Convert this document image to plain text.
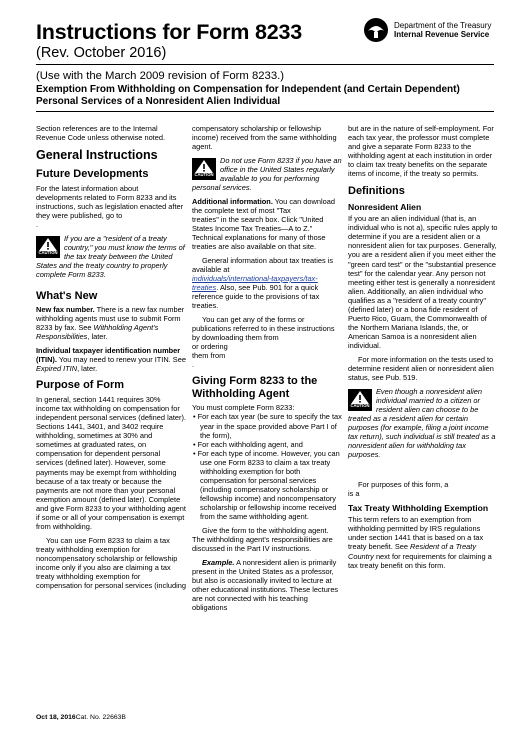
Instructions for Form 8233
(Rev. October 2016)
Department of the Treasury
Internal Revenue Service
(Use with the March 2009 revision of Form 8233.)
Exemption From Withholding on Compensation for Independent (and Certain Dependent) Personal Services of a Nonresident Alien Individual

Section references are to the Internal Revenue Code unless otherwise noted.

General Instructions
Future Developments

For the latest information about developments related to Form 8233 and its instructions, such as legislation enacted after they were published, go to
.

CAUTION

If you are a "resident of a treaty country," you must know the terms of the tax treaty between the United States and the treaty country to properly complete Form 8233.

What's New

New fax number. There is a new fax number withholding agents must use to submit Form 8233 by fax. See Withholding Agent's Responsibilities, later.

Individual taxpayer identification number (ITIN). You may need to renew your ITIN. See Expired ITIN, later.

Purpose of Form

In general, section 1441 requires 30% income tax withholding on compensation for independent personal services (defined later). Sections 1441, 3401, and 3402 require withholding, sometimes at 30% and sometimes at graduated rates, on compensation for dependent personal services (defined later). However, some payments may be exempt from withholding because of a tax treaty or because the payments are not more than your personal exemption amount (defined later). Complete and give Form 8233 to your withholding agent if some or all of your compensation is exempt from withholding.

You can use Form 8233 to claim a tax treaty withholding exemption for noncompensatory scholarship or fellowship income only if you also are claiming a tax treaty withholding exemption for compensation for personal services (including

compensatory scholarship or fellowship income) received from the same withholding agent.

CAUTION

Do not use Form 8233 if you have an office in the United States regularly available to you for performing personal services.

Additional information. You can download the complete text of most "Tax
treaties" in the search box. Click "United States Income Tax Treaties—A to Z." Technical explanations for many of those treaties are also available on that site.

General information about tax treaties is available at
individuals/international-taxpayers/tax-treaties. Also, see Pub. 901 for a quick reference guide to the provisions of tax treaties.

You can get any of the forms or publications referred to in these instructions by downloading them from
or ordering
them from
.

Giving Form 8233 to the Withholding Agent

You must complete Form 8233:

• For each tax year (be sure to specify the tax year in the space provided above Part I of the form),

• For each withholding agent, and

• For each type of income. However, you can use one Form 8233 to claim a tax treaty withholding exemption for both compensation for personal services (including compensatory scholarship or fellowship income) and noncompensatory scholarship or fellowship income received from the same withholding agent.

Give the form to the withholding agent. The withholding agent's responsibilities are discussed in the Part IV instructions.

Example. A nonresident alien is primarily present in the United States as a professor, but also is occasionally invited to lecture at other educational institutions. These lectures are not connected with his teaching obligations

but are in the nature of self-employment. For each tax year, the professor must complete and give a separate Form 8233 to the withholding agent at each institution in order to claim tax treaty benefits on the separate items of income, if the treaty so permits.

Definitions
Nonresident Alien

If you are an alien individual (that is, an individual who is not a), specific rules apply to determine if you are a resident alien or a nonresident alien for tax purposes. Generally, you are a resident alien if you meet either the "green card test" or the "substantial presence test" for the calendar year. Any person not meeting either test is generally a nonresident alien. Additionally, an alien individual who qualifies as a "resident of a treaty country" (defined later) or a bona fide resident of Puerto Rico, Guam, the Commonwealth of the Northern Mariana Islands, the, or
American Samoa is a nonresident alien individual.

For more information on the tests used to determine resident alien or nonresident alien status, see Pub. 519.

CAUTION

Even though a nonresident alien individual married to a citizen or resident alien can choose to be treated as a resident alien for certain purposes (for example, filing a joint income tax return), such individual is still treated as a nonresident alien for withholding tax purposes.

For purposes of this form, a
is a

Tax Treaty Withholding Exemption

This term refers to an exemption from withholding permitted by IRS regulations under section 1441 that is based on a tax treaty benefit. See Resident of a Treaty Country next for requirements for claiming a tax treaty benefit on this form.

Oct 18, 2016Cat. No. 22663B
